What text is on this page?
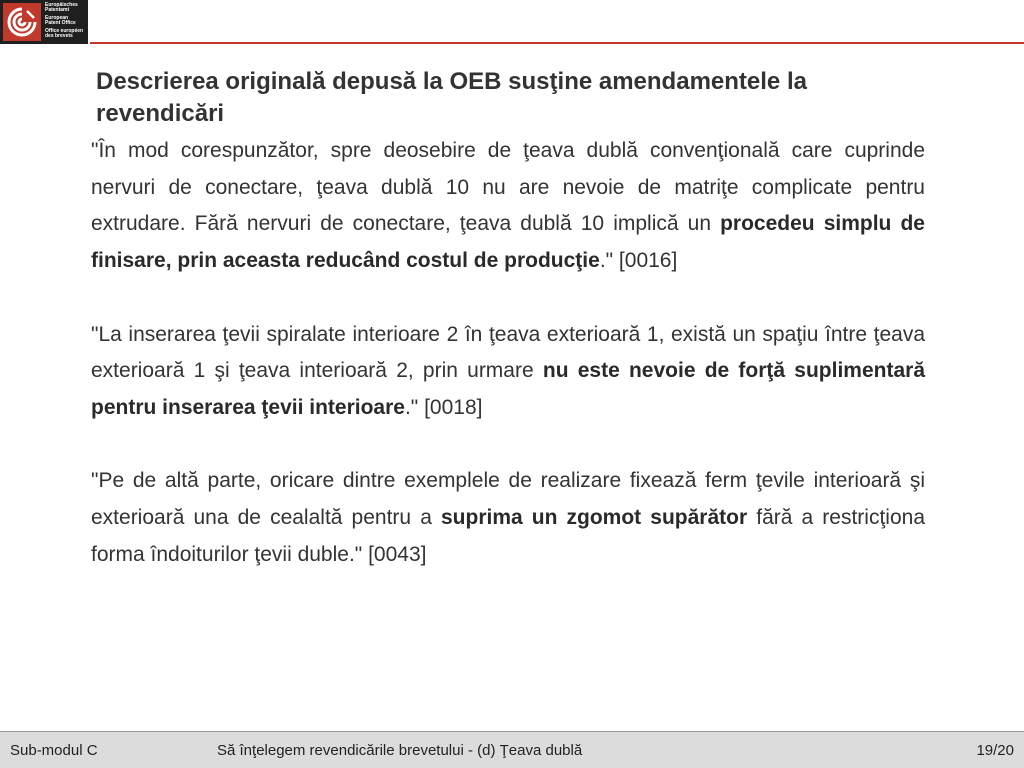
Europäisches
Patentamt
European
Patent Office
Office européen
des brevets
Descrierea originală depusă la OEB susţine amendamentele la revendicări

"În mod corespunzător, spre deosebire de ţeava dublă convenţională care cuprinde nervuri de conectare, ţeava dublă 10 nu are nevoie de matriţe complicate pentru extrudare. Fără nervuri de conectare, ţeava dublă 10 implică un procedeu simplu de finisare, prin aceasta reducând costul de producţie." [0016]

"La inserarea ţevii spiralate interioare 2 în ţeava exterioară 1, există un spaţiu între ţeava exterioară 1 şi ţeava interioară 2, prin urmare nu este nevoie de forţă suplimentară pentru inserarea ţevii interioare." [0018]

"Pe de altă parte, oricare dintre exemplele de realizare fixează ferm ţevile interioară şi exterioară una de cealaltă pentru a suprima un zgomot supărător fără a restricţiona forma îndoiturilor ţevii duble." [0043]

Sub-modul C	Să înţelegem revendicările brevetului - (d) Ţeava dublă	19/20
